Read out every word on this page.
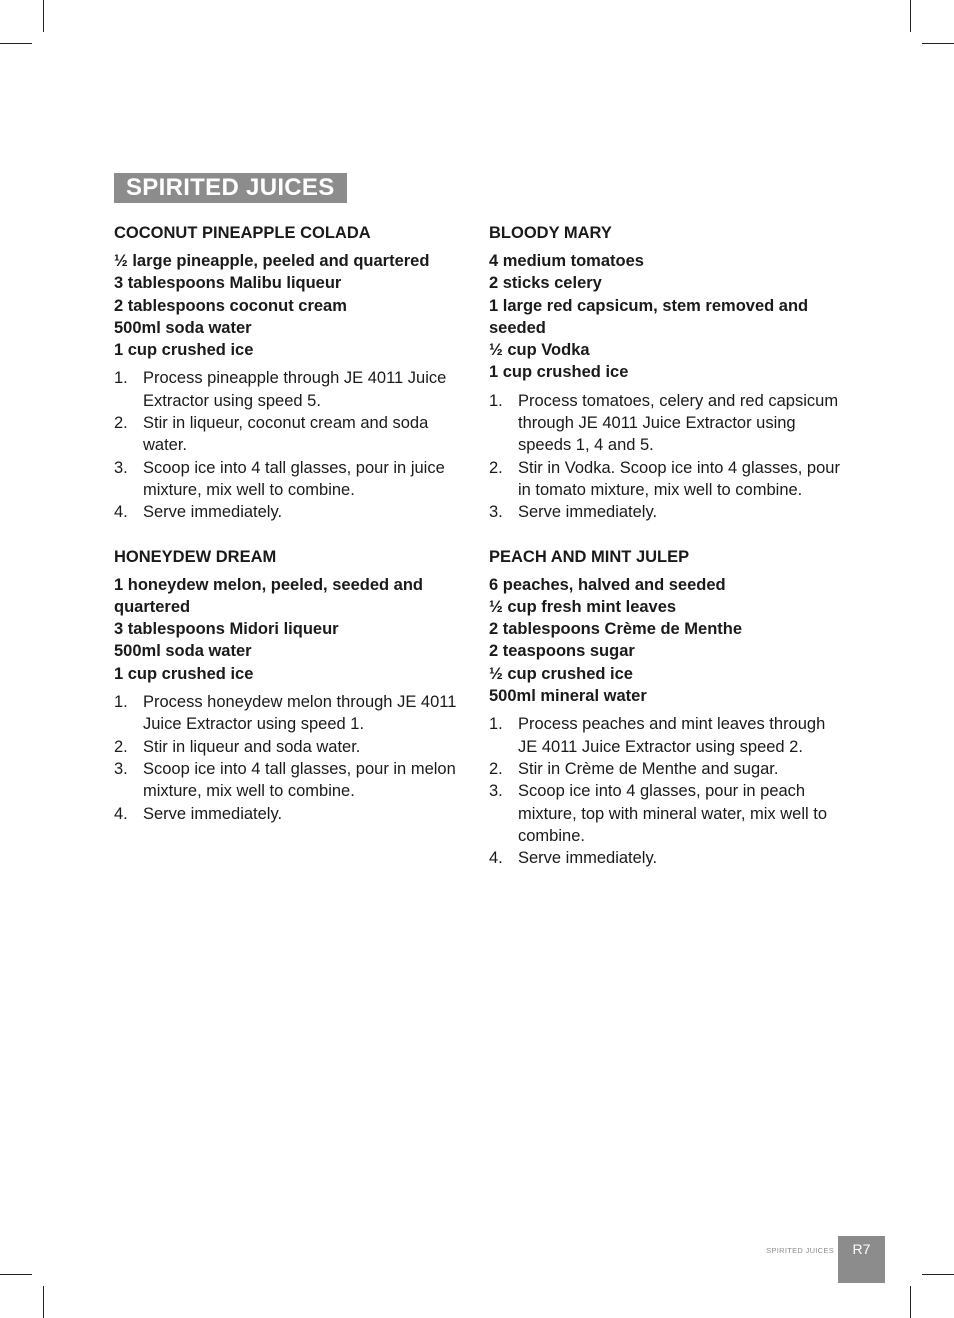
SPIRITED JUICES
COCONUT PINEAPPLE COLADA
½ large pineapple, peeled and quartered
3 tablespoons Malibu liqueur
2 tablespoons coconut cream
500ml soda water
1 cup crushed ice
1. Process pineapple through JE 4011 Juice Extractor using speed 5.
2. Stir in liqueur, coconut cream and soda water.
3. Scoop ice into 4 tall glasses, pour in juice mixture, mix well to combine.
4. Serve immediately.
HONEYDEW DREAM
1 honeydew melon, peeled, seeded and quartered
3 tablespoons Midori liqueur
500ml soda water
1 cup crushed ice
1. Process honeydew melon through JE 4011 Juice Extractor using speed 1.
2. Stir in liqueur and soda water.
3. Scoop ice into 4 tall glasses, pour in melon mixture, mix well to combine.
4. Serve immediately.
BLOODY MARY
4 medium tomatoes
2 sticks celery
1 large red capsicum, stem removed and seeded
½ cup Vodka
1 cup crushed ice
1. Process tomatoes, celery and red capsicum through JE 4011 Juice Extractor using speeds 1, 4 and 5.
2. Stir in Vodka. Scoop ice into 4 glasses, pour in tomato mixture, mix well to combine.
3. Serve immediately.
PEACH AND MINT JULEP
6 peaches, halved and seeded
½ cup fresh mint leaves
2 tablespoons Crème de Menthe
2 teaspoons sugar
½ cup crushed ice
500ml mineral water
1. Process peaches and mint leaves through JE 4011 Juice Extractor using speed 2.
2. Stir in Crème de Menthe and sugar.
3. Scoop ice into 4 glasses, pour in peach mixture, top with mineral water, mix well to combine.
4. Serve immediately.
SPIRITED JUICES	R7
